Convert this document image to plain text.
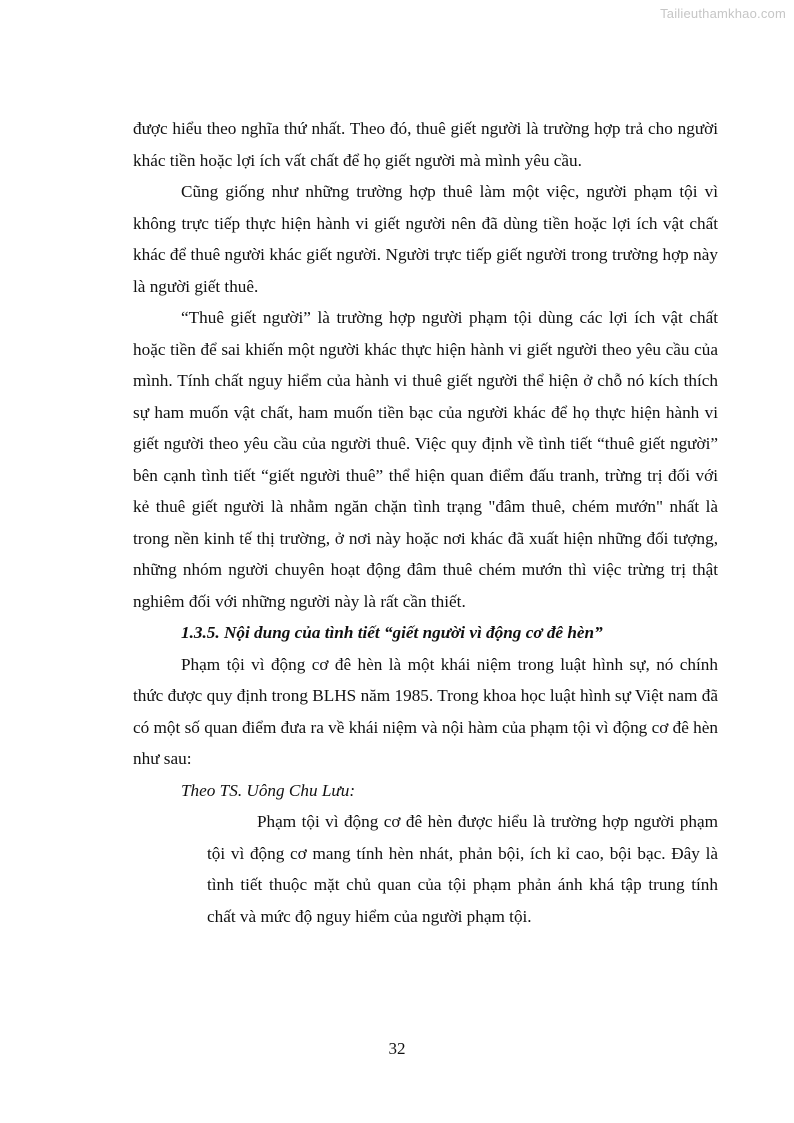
Tailieuthamkhao.com

được hiểu theo nghĩa thứ nhất. Theo đó, thuê giết người là trường hợp trả cho người khác tiền hoặc lợi ích vất chất để họ giết người mà mình yêu cầu.

Cũng giống như những trường hợp thuê làm một việc, người phạm tội vì không trực tiếp thực hiện hành vi giết người nên đã dùng tiền hoặc lợi ích vật chất khác để thuê người khác giết người. Người trực tiếp giết người trong trường hợp này là người giết thuê.

“Thuê giết người” là trường hợp người phạm tội dùng các lợi ích vật chất hoặc tiền để sai khiến một người khác thực hiện hành vi giết người theo yêu cầu của mình. Tính chất nguy hiểm của hành vi thuê giết người thể hiện ở chỗ nó kích thích sự ham muốn vật chất, ham muốn tiền bạc của người khác để họ thực hiện hành vi giết người theo yêu cầu của người thuê. Việc quy định về tình tiết “thuê giết người” bên cạnh tình tiết “giết người thuê” thể hiện quan điểm đấu tranh, trừng trị đối với kẻ thuê giết người là nhằm ngăn chặn tình trạng "đâm thuê, chém mướn" nhất là trong nền kinh tế thị trường, ở nơi này hoặc nơi khác đã xuất hiện những đối tượng, những nhóm người chuyên hoạt động đâm thuê chém mướn thì việc trừng trị thật nghiêm đối với những người này là rất cần thiết.

1.3.5. Nội dung của tình tiết “giết người vì động cơ đê hèn”

Phạm tội vì động cơ đê hèn là một khái niệm trong luật hình sự, nó chính thức được quy định trong BLHS năm 1985. Trong khoa học luật hình sự Việt nam đã có một số quan điểm đưa ra về khái niệm và nội hàm của phạm tội vì động cơ đê hèn như sau:

Theo TS. Uông Chu Lưu:

Phạm tội vì động cơ đê hèn được hiểu là trường hợp người phạm tội vì động cơ mang tính hèn nhát, phản bội, ích kỉ cao, bội bạc. Đây là tình tiết thuộc mặt chủ quan của tội phạm phản ánh khá tập trung tính chất và mức độ nguy hiểm của người phạm tội.

32
